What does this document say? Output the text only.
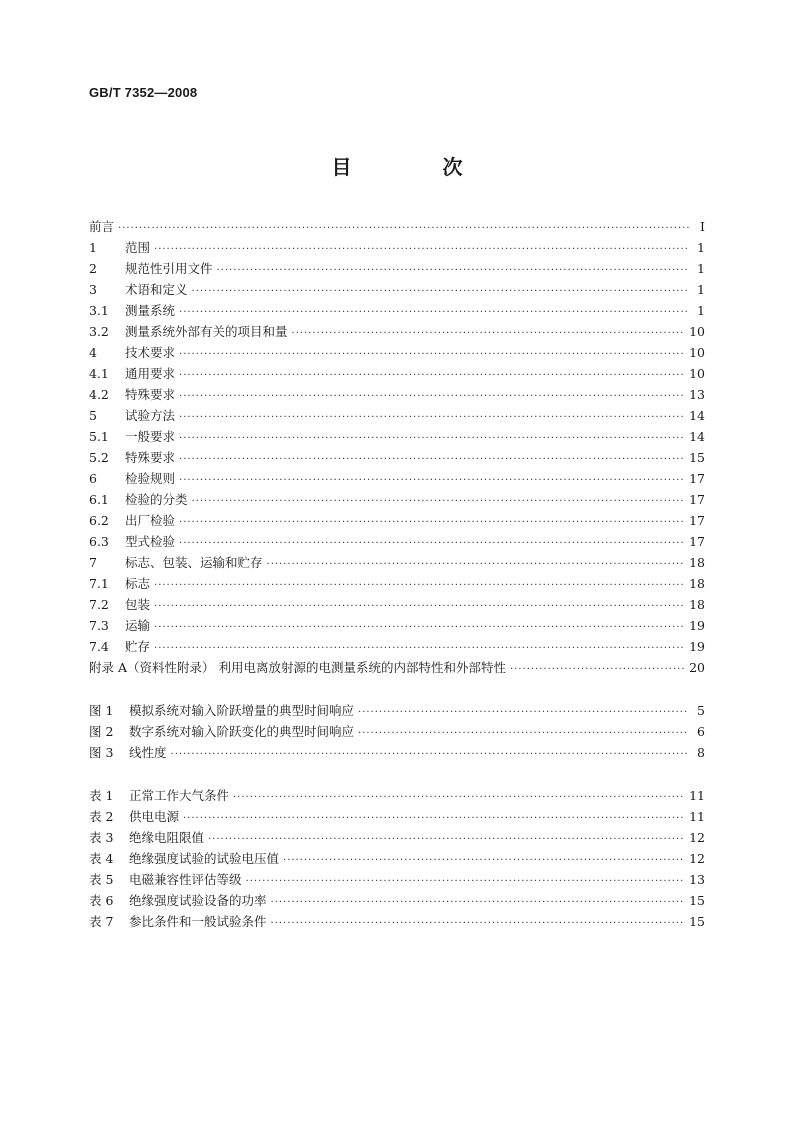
GB/T 7352—2008
目 次
前言 ·····	Ⅰ
1	范围 ·····	1
2	规范性引用文件 ·····	1
3	术语和定义 ·····	1
3.1	测量系统 ·····	1
3.2	测量系统外部有关的项目和量 ·····	10
4	技术要求 ·····	10
4.1	通用要求 ·····	10
4.2	特殊要求 ·····	13
5	试验方法 ·····	14
5.1	一般要求 ·····	14
5.2	特殊要求 ·····	15
6	检验规则 ·····	17
6.1	检验的分类 ·····	17
6.2	出厂检验 ·····	17
6.3	型式检验 ·····	17
7	标志、包装、运输和贮存 ·····	18
7.1	标志 ·····	18
7.2	包装 ·····	18
7.3	运输 ·····	19
7.4	贮存 ·····	19
附录 A （资料性附录） 利用电离放射源的电测量系统的内部特性和外部特性 ·····	20
图 1	模拟系统对输入阶跃增量的典型时间响应 ·····	5
图 2	数字系统对输入阶跃变化的典型时间响应 ·····	6
图 3	线性度 ·····	8
表 1	正常工作大气条件 ·····	11
表 2	供电电源 ·····	11
表 3	绝缘电阻限值 ·····	12
表 4	绝缘强度试验的试验电压值 ·····	12
表 5	电磁兼容性评估等级 ·····	13
表 6	绝缘强度试验设备的功率 ·····	15
表 7	参比条件和一般试验条件 ·····	15
